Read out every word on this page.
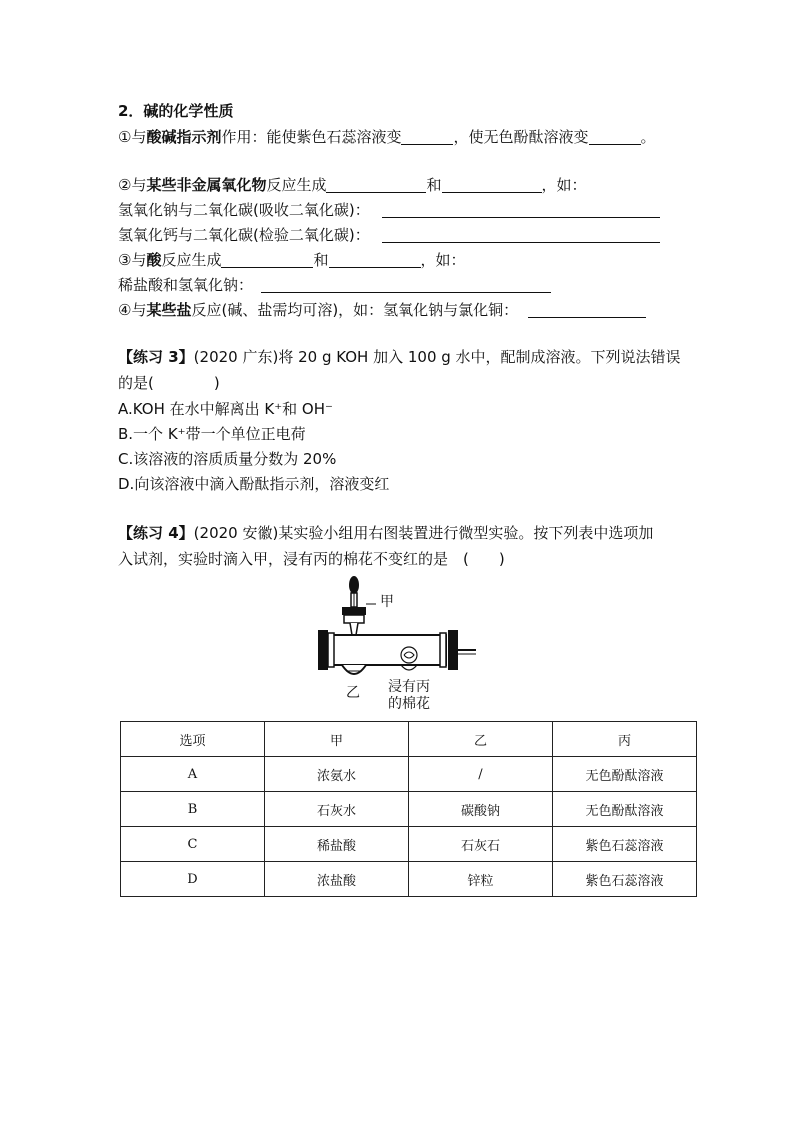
2．碱的化学性质
①与酸碱指示剂作用：能使紫色石蕊溶液变	，使无色酚酞溶液变	。
②与某些非金属氧化物反应生成	和	，如：
氢氧化钠与二氧化碳(吸收二氧化碳)：
氢氧化钙与二氧化碳(检验二氧化碳)：
③与酸反应生成	和	，如：
稀盐酸和氢氧化钠：
④与某些盐反应(碱、盐需均可溶)，如：氢氧化钠与氯化铜：
【练习 3】(2020 广东)将 20 g KOH 加入 100 g 水中，配制成溶液。下列说法错误
的是(　　　　)
A.KOH 在水中解离出 K⁺和 OH⁻
B.一个 K⁺带一个单位正电荷
C.该溶液的溶质质量分数为 20%
D.向该溶液中滴入酚酞指示剂，溶液变红
【练习 4】(2020 安徽)某实验小组用右图装置进行微型实验。按下列表中选项加
入试剂，实验时滴入甲，浸有丙的棉花不变红的是　(　　)
甲
乙 浸有丙
的棉花
选项	甲	乙	丙
A	浓氨水	/	无色酚酞溶液
B	石灰水	碳酸钠	无色酚酞溶液
C	稀盐酸	石灰石	紫色石蕊溶液
D	浓盐酸	锌粒	紫色石蕊溶液
